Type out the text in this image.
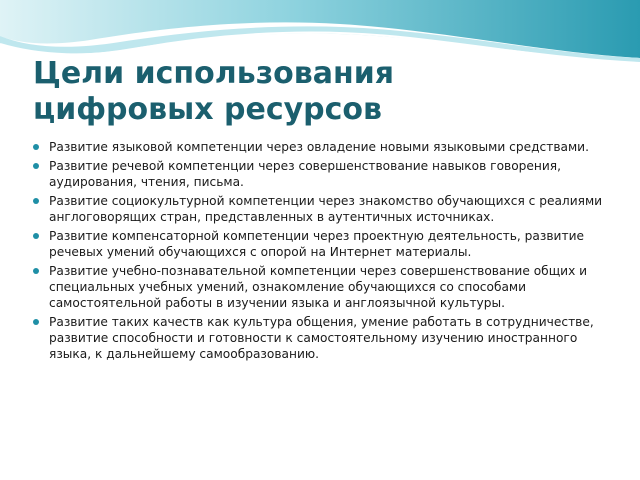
Цели использования
цифровых ресурсов
Развитие языковой компетенции через овладение новыми языковыми средствами.
Развитие речевой компетенции через совершенствование навыков говорения, аудирования, чтения, письма.
Развитие социокультурной компетенции через знакомство обучающихся с реалиями англоговорящих стран, представленных в аутентичных источниках.
Развитие компенсаторной компетенции через проектную деятельность, развитие речевых умений обучающихся с опорой на Интернет материалы.
Развитие учебно-познавательной компетенции через совершенствование общих и специальных учебных умений, ознакомление обучающихся со способами самостоятельной работы в изучении языка и англоязычной культуры.
Развитие таких качеств как культура общения, умение работать в сотрудничестве, развитие способности и готовности к самостоятельному изучению иностранного языка, к дальнейшему самообразованию.
